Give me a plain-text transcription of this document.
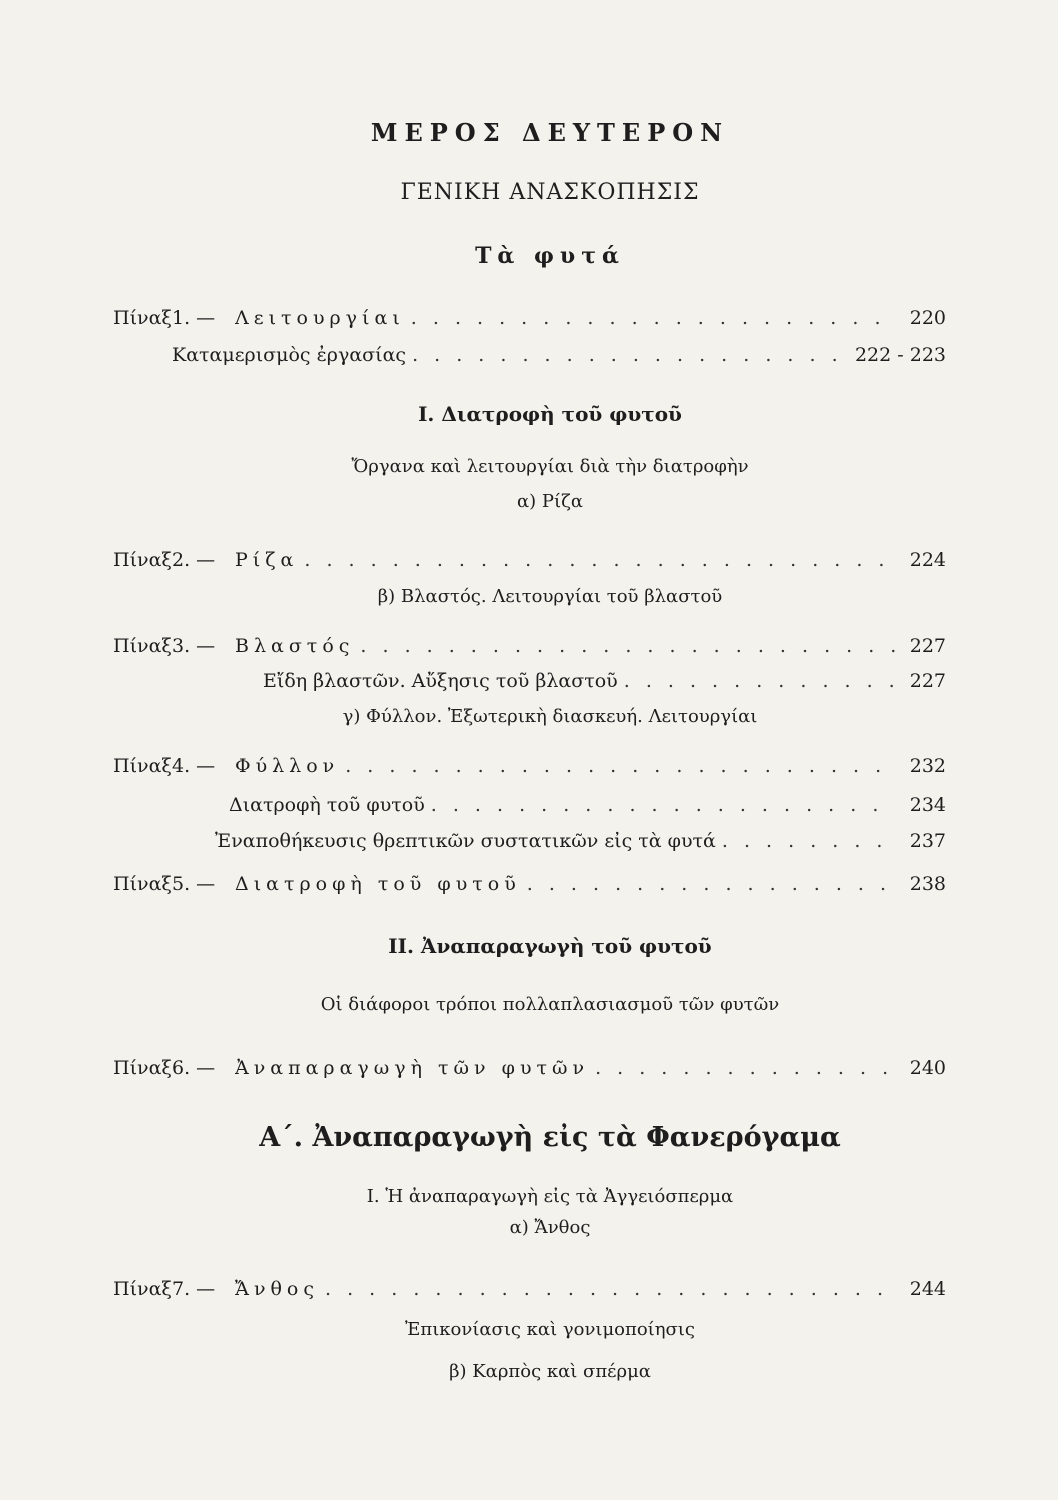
ΜΕΡΟΣ ΔΕΥΤΕΡΟΝ
ΓΕΝΙΚΗ ΑΝΑΣΚΟΠΗΣΙΣ
Τὰ φυτά
Πίναξ 1. — Λειτουργίαι . . .	220
Καταμερισμὸς ἐργασίας . . .	222 - 223
I. Διατροφὴ τοῦ φυτοῦ
Ὄργανα καὶ λειτουργίαι διὰ τὴν διατροφὴν
α) Ρίζα
Πίναξ 2. — Ρίζα . . .	224
β) Βλαστός. Λειτουργίαι τοῦ βλαστοῦ
Πίναξ 3. — Βλαστός . . .	227
Εἴδη βλαστῶν. Αὔξησις τοῦ βλαστοῦ . . .	227
γ) Φύλλον. Ἐξωτερικὴ διασκευή. Λειτουργίαι
Πίναξ 4. — Φύλλον . . .	232
Διατροφὴ τοῦ φυτοῦ . . .	234
Ἐναποθήκευσις θρεπτικῶν συστατικῶν εἰς τὰ φυτά . . .	237
Πίναξ 5. — Διατροφὴ τοῦ φυτοῦ . . .	238
II. Ἀναπαραγωγὴ τοῦ φυτοῦ
Οἱ διάφοροι τρόποι πολλαπλασιασμοῦ τῶν φυτῶν
Πίναξ 6. — Ἀναπαραγωγὴ τῶν φυτῶν . . .	240
Α΄. Ἀναπαραγωγὴ εἰς τὰ Φανερόγαμα
I. Ἡ ἀναπαραγωγὴ εἰς τὰ Ἀγγειόσπερμα
α) Ἄνθος
Πίναξ 7. — Ἄνθος . . .	244
Ἐπικονίασις καὶ γονιμοποίησις
β) Καρπὸς καὶ σπέρμα
